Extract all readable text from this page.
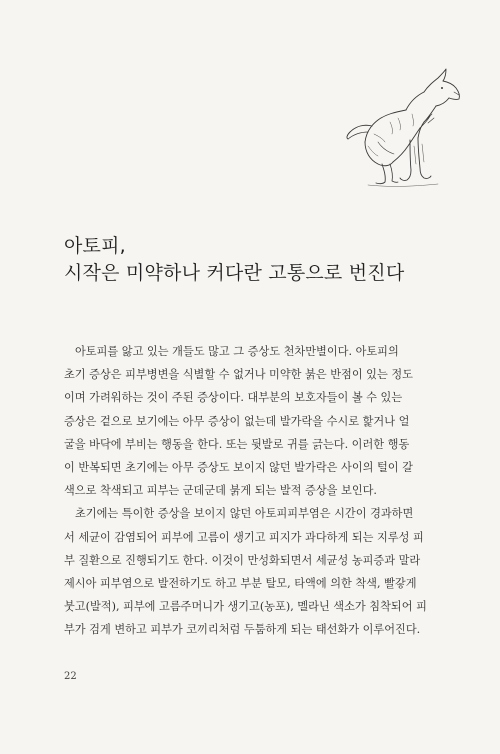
아토피,
시작은 미약하나 커다란 고통으로 번진다

아토피를 앓고 있는 개들도 많고 그 증상도 천차만별이다. 아토피의
초기 증상은 피부병변을 식별할 수 없거나 미약한 붉은 반점이 있는 정도
이며 가려워하는 것이 주된 증상이다. 대부분의 보호자들이 볼 수 있는
증상은 겉으로 보기에는 아무 증상이 없는데 발가락을 수시로 핥거나 얼
굴을 바닥에 부비는 행동을 한다. 또는 뒷발로 귀를 긁는다. 이러한 행동
이 반복되면 초기에는 아무 증상도 보이지 않던 발가락은 사이의 털이 갈
색으로 착색되고 피부는 군데군데 붉게 되는 발적 증상을 보인다.

초기에는 특이한 증상을 보이지 않던 아토피피부염은 시간이 경과하면
서 세균이 감염되어 피부에 고름이 생기고 피지가 과다하게 되는 지루성 피
부 질환으로 진행되기도 한다. 이것이 만성화되면서 세균성 농피증과 말라
제시아 피부염으로 발전하기도 하고 부분 탈모, 타액에 의한 착색, 빨갛게
붓고(발적), 피부에 고름주머니가 생기고(농포), 멜라닌 색소가 침착되어 피
부가 검게 변하고 피부가 코끼리처럼 두툼하게 되는 태선화가 이루어진다.

22
